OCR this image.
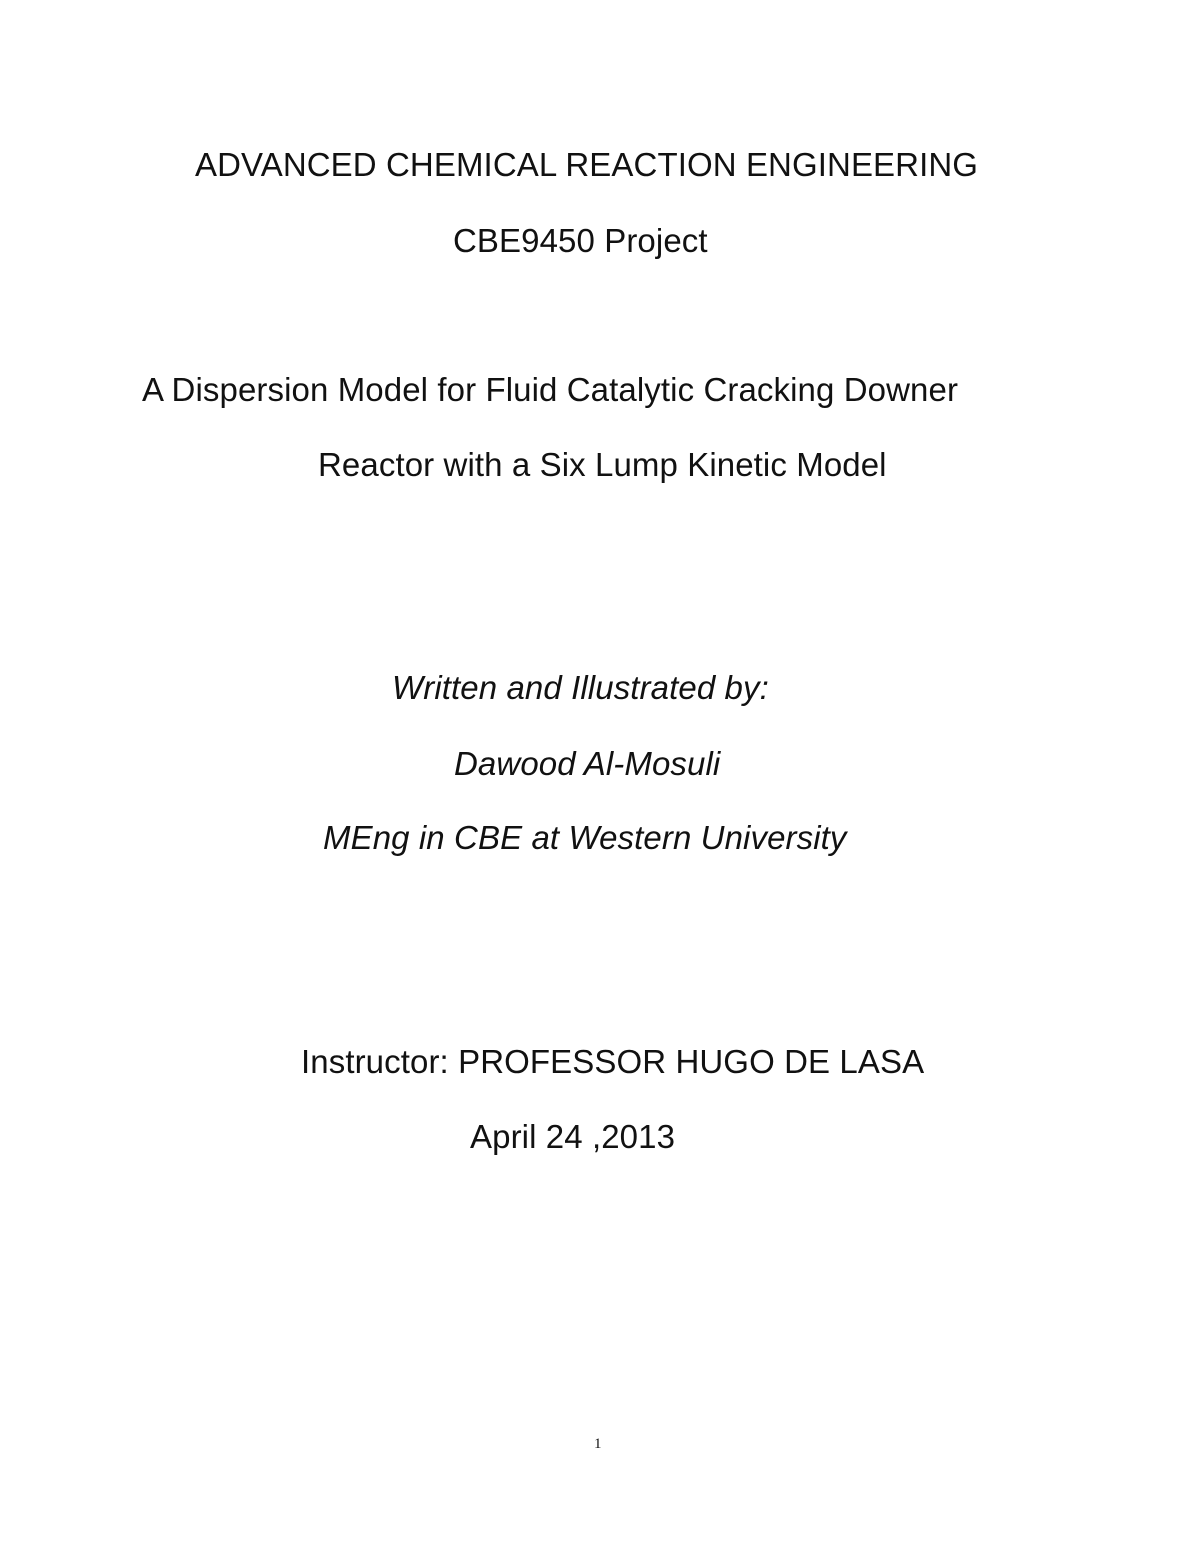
ADVANCED CHEMICAL REACTION ENGINEERING
CBE9450 Project
A Dispersion Model for Fluid Catalytic Cracking Downer
Reactor with a Six Lump Kinetic Model
Written and Illustrated by:
Dawood Al-Mosuli
MEng in CBE at Western University
Instructor: PROFESSOR HUGO DE LASA
April 24 ,2013
1
